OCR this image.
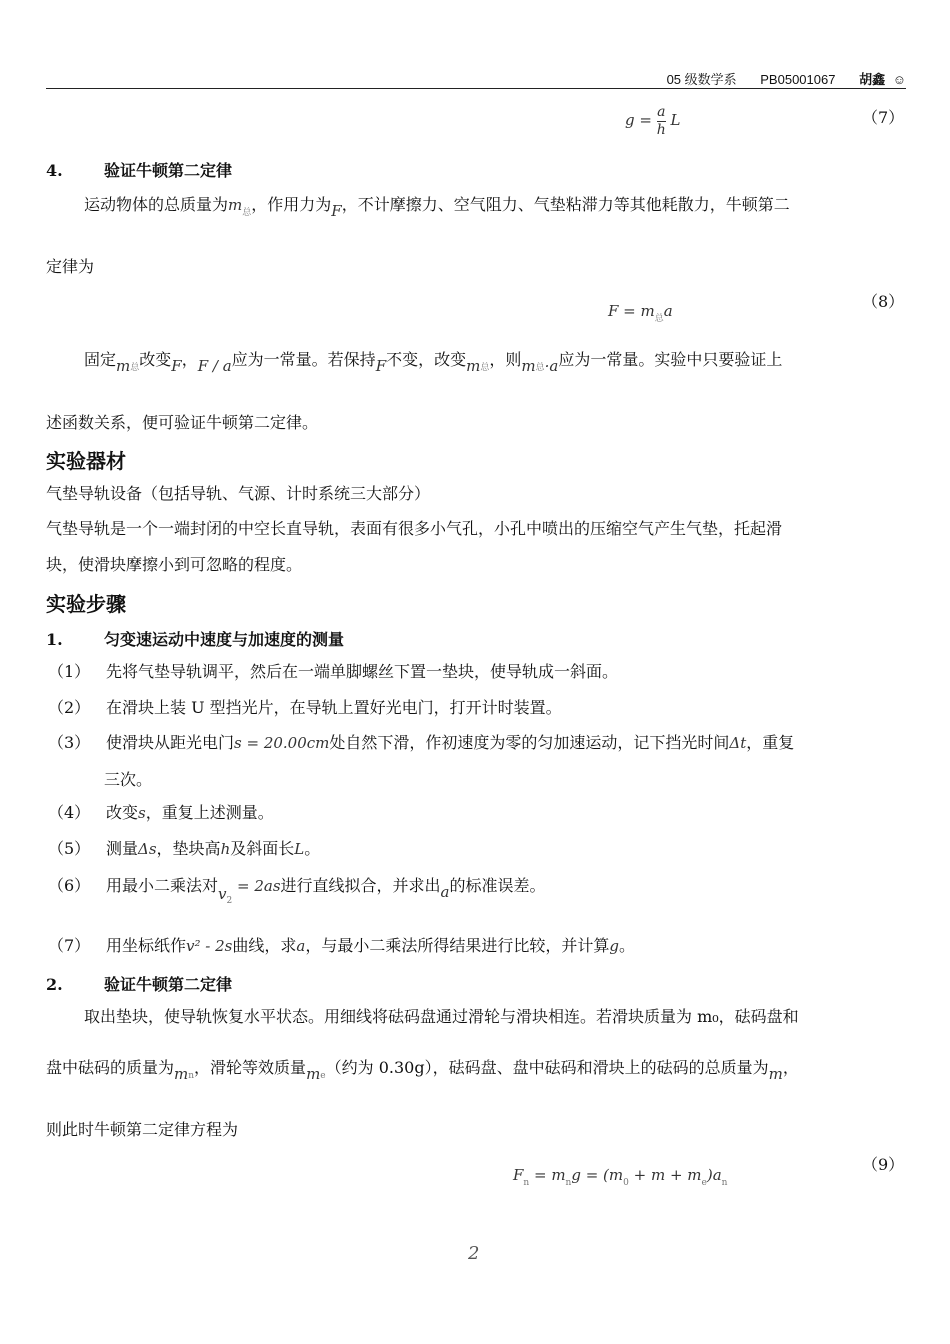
05 级数学系 PB05001067 胡鑫 ☺
$g = \frac{a}{h}$ L	（7）
4.	验证牛顿第二定律
运动物体的总质量为$m_总$，作用力为F，不计摩擦力、空气阻力、气垫粘滞力等其他耗散力，牛顿第二
定律为
$F = m_总a$	（8）
固定$m_总$改变F，F / a应为一常量。若保持F不变，改变$m_总$，则$m_总\cdot a$应为一常量。实验中只要验证上
述函数关系，便可验证牛顿第二定律。
实验器材
气垫导轨设备（包括导轨、气源、计时系统三大部分）
气垫导轨是一个一端封闭的中空长直导轨，表面有很多小气孔，小孔中喷出的压缩空气产生气垫，托起滑
块，使滑块摩擦小到可忽略的程度。
实验步骤
1.	匀变速运动中速度与加速度的测量
（1） 先将气垫导轨调平，然后在一端单脚螺丝下置一垫块，使导轨成一斜面。
（2） 在滑块上装 U 型挡光片，在导轨上置好光电门，打开计时装置。
（3） 使滑块从距光电门s = 20.00cm处自然下滑，作初速度为零的匀加速运动，记下挡光时间Δt，重复
三次。
（4） 改变s，重复上述测量。
（5） 测量Δs，垫块高h及斜面长L。
（6） 用最小二乘法对$v_2 = 2as$进行直线拟合，并求出a的标准误差。
（7） 用坐标纸作v² - 2s曲线，求a，与最小二乘法所得结果进行比较，并计算g。
2.	验证牛顿第二定律
取出垫块，使导轨恢复水平状态。用细线将砝码盘通过滑轮与滑块相连。若滑块质量为 m₀，砝码盘和
盘中砝码的质量为$m_n$，滑轮等效质量$m_e$（约为 0.30g），砝码盘、盘中砝码和滑块上的砝码的总质量为m，
则此时牛顿第二定律方程为
$F_n = m_ng = (m_0 + m + m_e)a_n$
（9）
2
